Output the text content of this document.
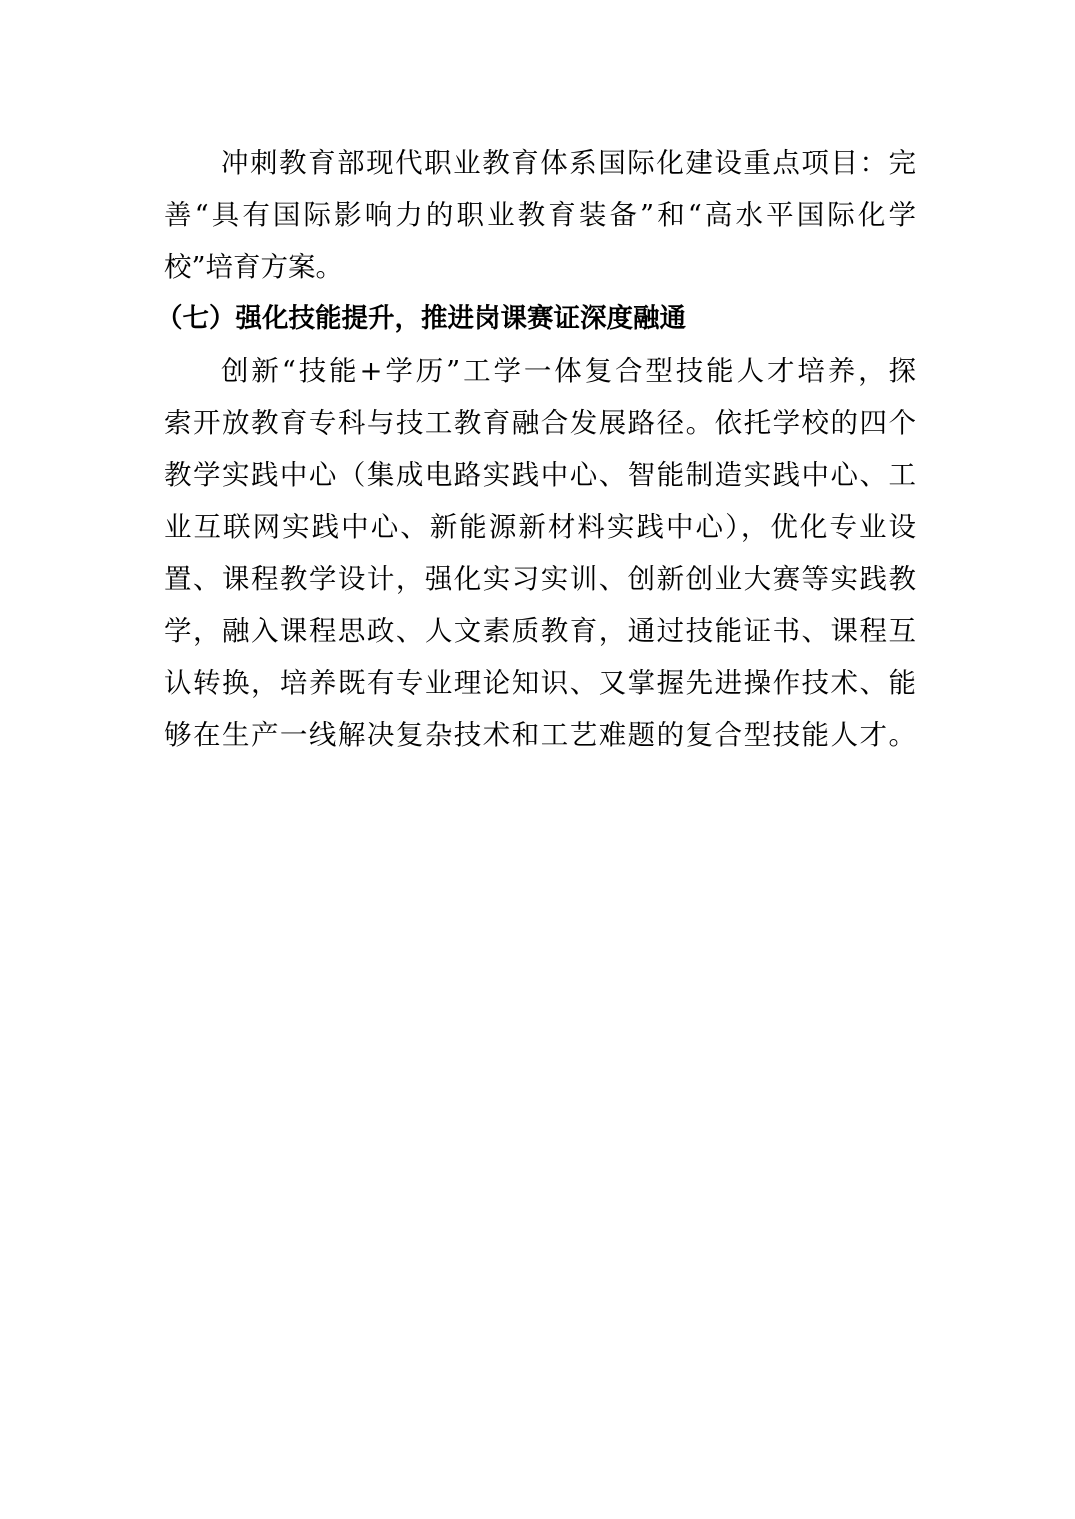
冲刺教育部现代职业教育体系国际化建设重点项目：完
善“具有国际影响力的职业教育装备”和“高水平国际化学
校”培育方案。
（七）强化技能提升，推进岗课赛证深度融通
创新“技能+学历”工学一体复合型技能人才培养，探
索开放教育专科与技工教育融合发展路径。依托学校的四个
教学实践中心（集成电路实践中心、智能制造实践中心、工
业互联网实践中心、新能源新材料实践中心），优化专业设
置、课程教学设计，强化实习实训、创新创业大赛等实践教
学，融入课程思政、人文素质教育，通过技能证书、课程互
认转换，培养既有专业理论知识、又掌握先进操作技术、能
够在生产一线解决复杂技术和工艺难题的复合型技能人才。
